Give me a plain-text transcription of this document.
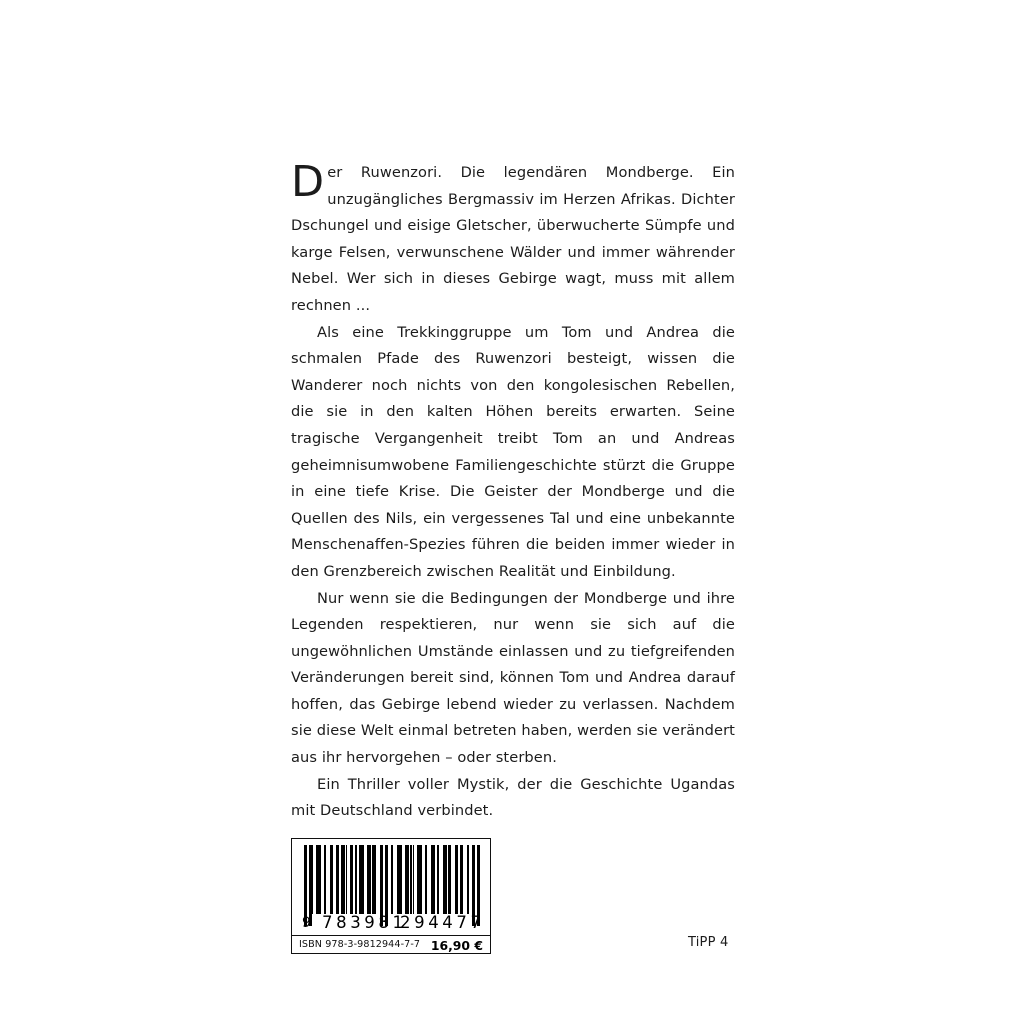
Der Ruwenzori. Die legendären Mondberge. Ein unzugängliches Bergmassiv im Herzen Afrikas. Dichter Dschungel und eisige Gletscher, überwucherte Sümpfe und karge Felsen, verwunschene Wälder und immer währender Nebel. Wer sich in dieses Gebirge wagt, muss mit allem rechnen ...

Als eine Trekkinggruppe um Tom und Andrea die schmalen Pfade des Ruwenzori besteigt, wissen die Wanderer noch nichts von den kongolesischen Rebellen, die sie in den kalten Höhen bereits erwarten. Seine tragische Vergangenheit treibt Tom an und Andreas geheimnisumwobene Familiengeschichte stürzt die Gruppe in eine tiefe Krise. Die Geister der Mondberge und die Quellen des Nils, ein vergessenes Tal und eine unbekannte Menschenaffen-Spezies führen die beiden immer wieder in den Grenzbereich zwischen Realität und Einbildung.

Nur wenn sie die Bedingungen der Mondberge und ihre Legenden respektieren, nur wenn sie sich auf die ungewöhnlichen Umstände einlassen und zu tiefgreifenden Veränderungen bereit sind, können Tom und Andrea darauf hoffen, das Gebirge lebend wieder zu verlassen. Nachdem sie diese Welt einmal betreten haben, werden sie verändert aus ihr hervorgehen – oder sterben.

Ein Thriller voller Mystik, der die Geschichte Ugandas mit Deutschland verbindet.

9 783981
294477
ISBN 978-3-9812944-7-7 16,90 €	TiPP 4
